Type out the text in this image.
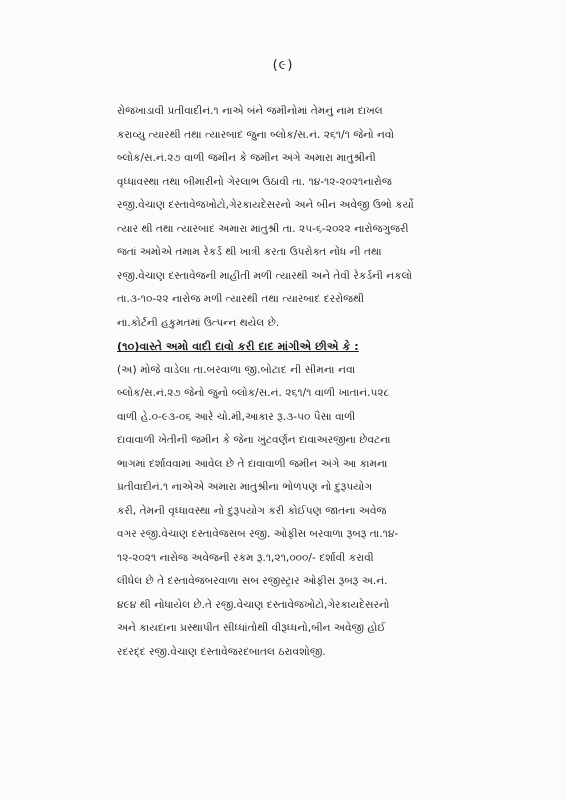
(૯)
રોજખાડાવી પ્રતીવાદીનં.૧ નાએ બંને જમીનોમાં તેમનું નામ દાખલ
કરાવ્યુ ત્યારથી તથા ત્યારબાદ જુના બ્લોક/સ.નં. ૨૬૧/૧ જેનો નવો
બ્લોક/સ.નં.૨૭ વાળી જમીન કે જમીન અંગે અમારા માતુશ્રીની
વૃધ્ધાવસ્થા તથા બીમારીનો ગેરલાભ ઉઠાવી તા. ૧૪-૧૨-૨૦૨૧નારોજ
રજી.વેચાણ દસ્તાવેજખોટો,ગેરકાયદેસરનો અને બીન અવેજી ઉભો કર્યો
ત્યાર થી તથા ત્યારબાદ અમારા માતુશ્રી તા. ૨૫-૬-૨૦૨૨ નારોજગુજરી
જતાં અમોએ તમામ રેકર્ડ થી ખાત્રી કરતા ઉપરોક્ત નોંધ ની તથા
રજી.વેચાણ દસ્તાવેજની માહીતી મળી ત્યારથી અને તેવી રેકર્ડની નકલો
તા.૩-૧૦-૨૨ નારોજ મળી ત્યારથી તથા ત્યારબાદ દરરોજથી
ના.કોર્ટની હકુમતમાં ઉત્પન્ન થયેલ છે.
(૧૦)વાસ્તે અમો વાદી દાવો કરી દાદ માંગીએ છીએ કે :
(અ) મોજે વાડેલા તા.બરવાળા જી.બોટાદ ની સીમના નવા
બ્લોક/સ.નં.૨૭ જેનો જુનો બ્લોક/સ.નં. ૨૬૧/૧ વાળી ખાતાનં.૫૨૮
વાળી હે.૦-૯૩-૦૬ આરે ચો.મી,આકાર રૂ.૩-૫૦ પૈસા વાળી
દાવાવાળી ખેતીની જમીન કે જેના ખુંટવર્ણન દાવાઅરજીના છેવટના
ભાગમાં દર્શાવવામાં આવેલ છે તે દાવાવાળી જમીન અંગે આ કામના
પ્રતીવાદીનં.૧ નાએએ અમારા માતુશ્રીના ભોળપણ નો દુરૂપયોગ
કરી, તેમની વૃધ્ધાવસ્થા નો દુરૂપયોગ કરી કોઈપણ જાતના અવેજ
વગર રજી.વેચાણ દસ્તાવેજસબ રજી. ઓફીસ બરવાળા રૂબરૂ તા.૧૪-
૧૨-૨૦૨૧ નારોજ અવેજની રકમ રૂ.૧,૨૧,૦૦૦/- દર્શાવી કરાવી
લીધેલ છે તે દસ્તાવેજબરવાળા સબ રજીસ્ટ્રાર ઓફીસ રૂબરૂ અ.નં.
૪૯૪ થી નોધાયેલ છે.તે રજી.વેચાણ દસ્તાવેજખોટો,ગેરકાયદેસરનો
અને કાયદાના પ્રસ્થાપીત સીધ્ધાંતોથી વીરૂધ્ધનો,બીન અવેજી હોઈ
રદરદ્દ રજી.વેચાણ દસ્તાવેજરદબાતલ ઠરાવશોજી.
